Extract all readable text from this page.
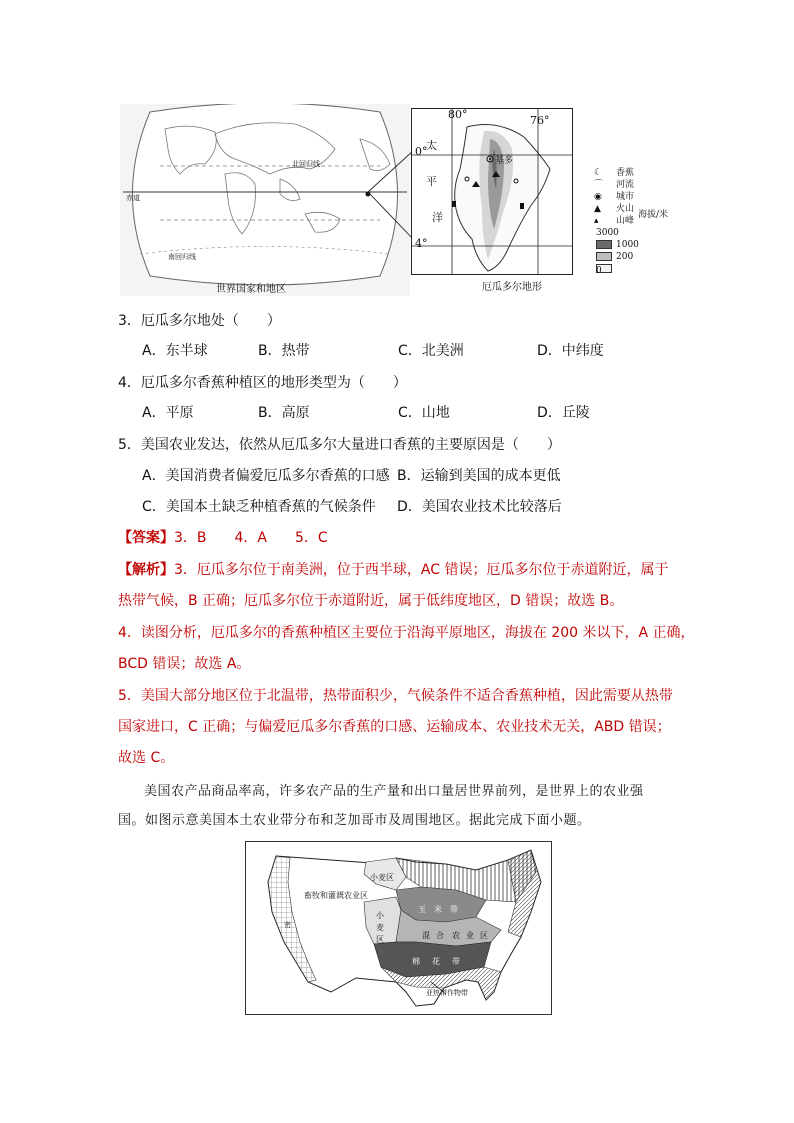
北回归线
赤道
南回归线
世界国家和地区
80°	76°
0°
4°
太
平
洋
基多
厄瓜多尔地形
☾ 香蕉
⌒ 河流
◉ 城市
▲ 火山
▴ 山峰
海拔/米
3000
1000
200
0
3．厄瓜多尔地处（　　）
A．东半球	B．热带	C．北美洲	D．中纬度
4．厄瓜多尔香蕉种植区的地形类型为（　　）
A．平原	B．高原	C．山地	D．丘陵
5．美国农业发达，依然从厄瓜多尔大量进口香蕉的主要原因是（　　）
A．美国消费者偏爱厄瓜多尔香蕉的口感 B．运输到美国的成本更低
C．美国本土缺乏种植香蕉的气候条件 D．美国农业技术比较落后
【答案】3．B　　4．A　　5．C
【解析】3．厄瓜多尔位于南美洲，位于西半球，AC 错误；厄瓜多尔位于赤道附近，属于
热带气候，B 正确；厄瓜多尔位于赤道附近，属于低纬度地区，D 错误；故选 B。
4．读图分析，厄瓜多尔的香蕉种植区主要位于沿海平原地区，海拔在 200 米以下，A 正确，
BCD 错误；故选 A。
5．美国大部分地区位于北温带，热带面积少，气候条件不适合香蕉种植，因此需要从热带
国家进口，C 正确；与偏爱厄瓜多尔香蕉的口感、运输成本、农业技术无关，ABD 错误；
故选 C。
美国农产品商品率高，许多农产品的生产量和出口量居世界前列，是世界上的农业强
国。如图示意美国本土农业带分布和芝加哥市及周围地区。据此完成下面小题。
畜牧和灌溉农业区
小麦区
玉 米 带
小
麦
区	混 合 农 业 区
棉 花 带
亚热带作物带
密
